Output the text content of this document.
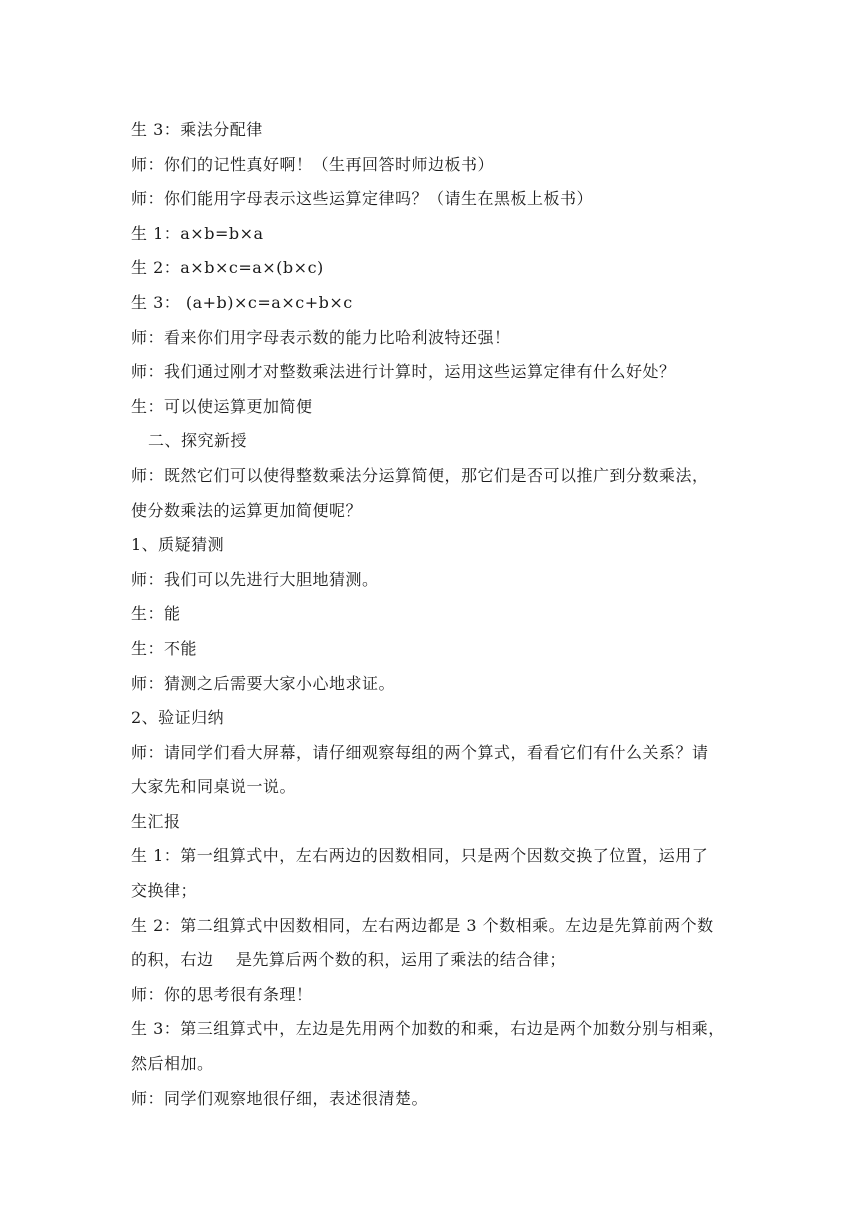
生 3：乘法分配律
师：你们的记性真好啊！（生再回答时师边板书）
师：你们能用字母表示这些运算定律吗？（请生在黑板上板书）
生 1：a×b=b×a
生 2：a×b×c=a×(b×c)
生 3： (a+b)×c=a×c+b×c
师：看来你们用字母表示数的能力比哈利波特还强！
师：我们通过刚才对整数乘法进行计算时，运用这些运算定律有什么好处？
生：可以使运算更加简便
二、探究新授
师：既然它们可以使得整数乘法分运算简便，那它们是否可以推广到分数乘法，
使分数乘法的运算更加简便呢？
1、质疑猜测
师：我们可以先进行大胆地猜测。
生：能
生：不能
师：猜测之后需要大家小心地求证。
2、验证归纳
师：请同学们看大屏幕，请仔细观察每组的两个算式，看看它们有什么关系？请
大家先和同桌说一说。
生汇报
生 1：第一组算式中，左右两边的因数相同，只是两个因数交换了位置，运用了
交换律；
生 2：第二组算式中因数相同，左右两边都是 3 个数相乘。左边是先算前两个数
的积，右边    是先算后两个数的积，运用了乘法的结合律；
师：你的思考很有条理！
生 3：第三组算式中，左边是先用两个加数的和乘，右边是两个加数分别与相乘，
然后相加。
师：同学们观察地很仔细，表述很清楚。
